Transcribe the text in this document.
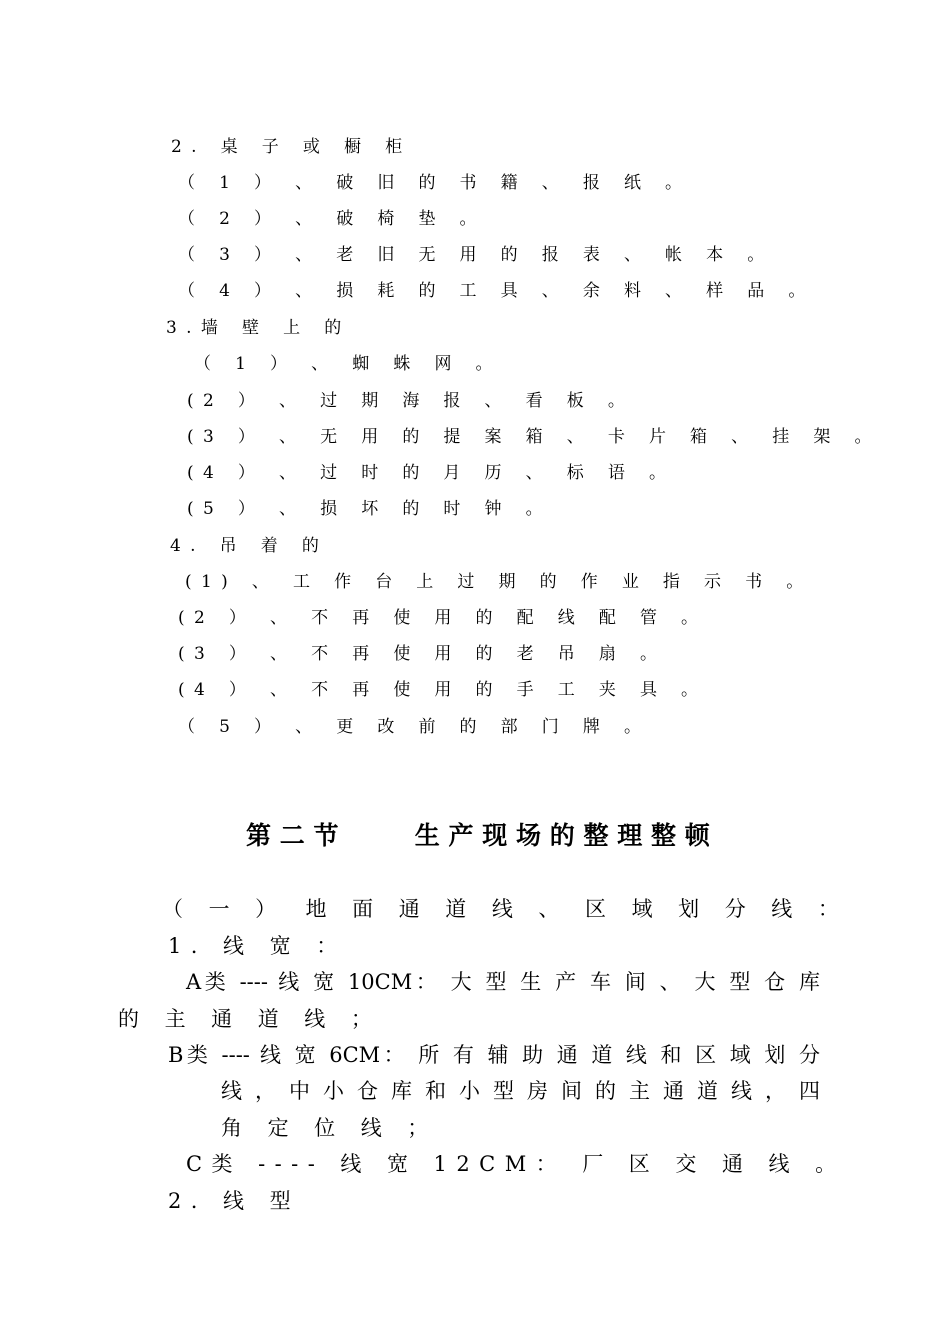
2. 桌 子 或 橱 柜
（ 1 ） 、 破 旧 的 书 籍 、 报 纸 。
（ 2 ） 、 破 椅 垫 。
（ 3 ） 、 老 旧 无 用 的 报 表 、 帐 本 。
（ 4 ） 、 损 耗 的 工 具 、 余 料 、 样 品 。
3.墙 壁 上 的
（ 1 ） 、 蜘 蛛 网 。
(2 ） 、 过 期 海 报 、 看 板 。
(3 ） 、 无 用 的 提 案 箱 、 卡 片 箱 、 挂 架 。
(4 ） 、 过 时 的 月 历 、 标 语 。
(5 ） 、 损 坏 的 时 钟 。
4. 吊 着 的
(1) 、 工 作 台 上 过 期 的 作 业 指 示 书 。
(2 ） 、 不 再 使 用 的 配 线 配 管 。
(3 ） 、 不 再 使 用 的 老 吊 扇 。
(4 ） 、 不 再 使 用 的 手 工 夹 具 。
（ 5 ） 、 更 改 前 的 部 门 牌 。
第二节　　生产现场的整理整顿
（ 一 ）　地 面 通 道 线 、 区 域 划 分 线 ：
1. 线 宽 ：
A类 ---- 线 宽 10CM： 大 型 生 产 车 间 、 大 型 仓 库
的 主 通 道 线 ；
B类 ---- 线 宽 6CM： 所 有 辅 助 通 道 线 和 区 域 划 分
线 ， 中 小 仓 库 和 小 型 房 间 的 主 通 道 线 ， 四
角 定 位 线 ；
C类 ---- 线 宽 12CM： 厂 区 交 通 线 。
2. 线 型
